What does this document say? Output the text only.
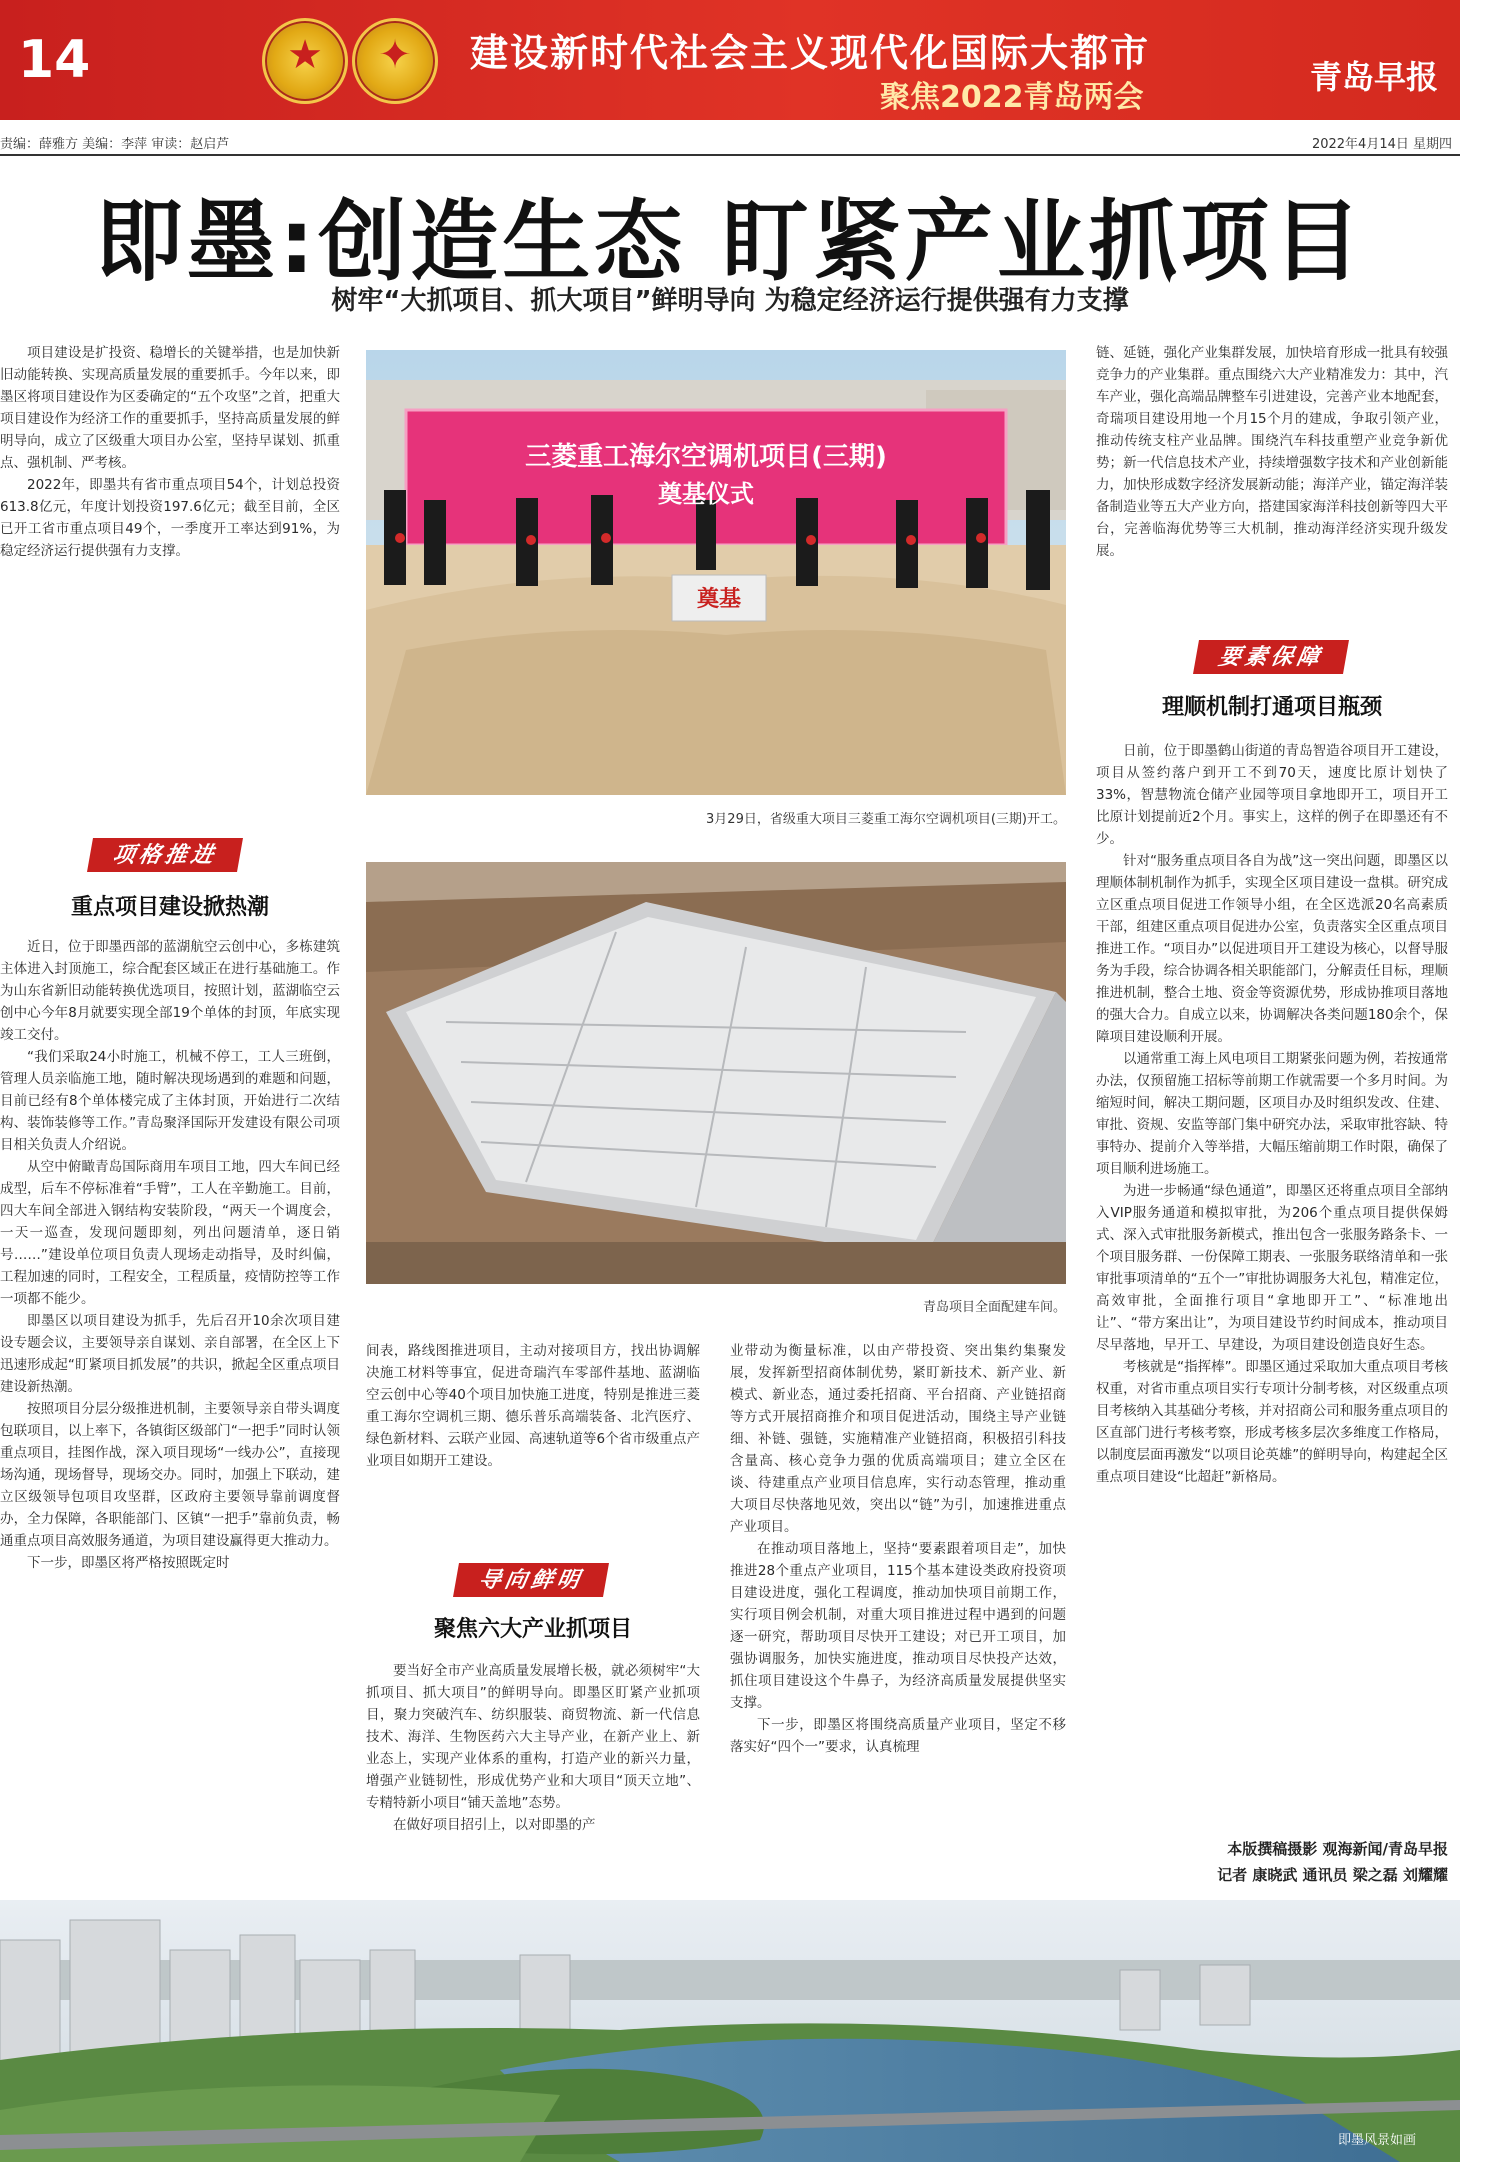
14	★	✦	建设新时代社会主义现代化国际大都市
聚焦2022青岛两会
青岛早报
责编：薛雅方 美编：李萍 审读：赵启芦	2022年4月14日 星期四
即墨:创造生态 盯紧产业抓项目
树牢“大抓项目、抓大项目”鲜明导向 为稳定经济运行提供强有力支撑

项目建设是扩投资、稳增长的关键举措，也是加快新旧动能转换、实现高质量发展的重要抓手。今年以来，即墨区将项目建设作为区委确定的“五个攻坚”之首，把重大项目建设作为经济工作的重要抓手，坚持高质量发展的鲜明导向，成立了区级重大项目办公室，坚持早谋划、抓重点、强机制、严考核。

2022年，即墨共有省市重点项目54个，计划总投资613.8亿元，年度计划投资197.6亿元；截至目前，全区已开工省市重点项目49个，一季度开工率达到91%，为稳定经济运行提供强有力支撑。

项格推进
重点项目建设掀热潮

近日，位于即墨西部的蓝湖航空云创中心，多栋建筑主体进入封顶施工，综合配套区域正在进行基础施工。作为山东省新旧动能转换优选项目，按照计划，蓝湖临空云创中心今年8月就要实现全部19个单体的封顶，年底实现竣工交付。

“我们采取24小时施工，机械不停工，工人三班倒，管理人员亲临施工地，随时解决现场遇到的难题和问题，目前已经有8个单体楼完成了主体封顶，开始进行二次结构、装饰装修等工作。”青岛聚泽国际开发建设有限公司项目相关负责人介绍说。

从空中俯瞰青岛国际商用车项目工地，四大车间已经成型，后车不停标准着“手臂”，工人在辛勤施工。目前，四大车间全部进入钢结构安装阶段，“两天一个调度会，一天一巡查，发现问题即刻，列出问题清单，逐日销号……”建设单位项目负责人现场走动指导，及时纠偏，工程加速的同时，工程安全，工程质量，疫情防控等工作一项都不能少。

即墨区以项目建设为抓手，先后召开10余次项目建设专题会议，主要领导亲自谋划、亲自部署，在全区上下迅速形成起“盯紧项目抓发展”的共识，掀起全区重点项目建设新热潮。

按照项目分层分级推进机制，主要领导亲自带头调度包联项目，以上率下，各镇街区级部门“一把手”同时认领重点项目，挂图作战，深入项目现场“一线办公”，直接现场沟通，现场督导，现场交办。同时，加强上下联动，建立区级领导包项目攻坚群，区政府主要领导靠前调度督办，全力保障，各职能部门、区镇“一把手”靠前负责，畅通重点项目高效服务通道，为项目建设赢得更大推动力。

下一步，即墨区将严格按照既定时

三菱重工海尔空调机项目(三期)
奠基仪式
奠基
3月29日，省级重大项目三菱重工海尔空调机项目(三期)开工。
青岛项目全面配建车间。

间表，路线图推进项目，主动对接项目方，找出协调解决施工材料等事宜，促进奇瑞汽车零部件基地、蓝湖临空云创中心等40个项目加快施工进度，特别是推进三菱重工海尔空调机三期、德乐普乐高端装备、北汽医疗、绿色新材料、云联产业园、高速轨道等6个省市级重点产业项目如期开工建设。

导向鲜明
聚焦六大产业抓项目

要当好全市产业高质量发展增长极，就必须树牢“大抓项目、抓大项目”的鲜明导向。即墨区盯紧产业抓项目，聚力突破汽车、纺织服装、商贸物流、新一代信息技术、海洋、生物医药六大主导产业，在新产业上、新业态上，实现产业体系的重构，打造产业的新兴力量，增强产业链韧性，形成优势产业和大项目“顶天立地”、专精特新小项目“铺天盖地”态势。

在做好项目招引上，以对即墨的产

业带动为衡量标准，以由产带投资、突出集约集聚发展，发挥新型招商体制优势，紧盯新技术、新产业、新模式、新业态，通过委托招商、平台招商、产业链招商等方式开展招商推介和项目促进活动，围绕主导产业链细、补链、强链，实施精准产业链招商，积极招引科技含量高、核心竞争力强的优质高端项目；建立全区在谈、待建重点产业项目信息库，实行动态管理，推动重大项目尽快落地见效，突出以“链”为引，加速推进重点产业项目。

在推动项目落地上，坚持“要素跟着项目走”，加快推进28个重点产业项目，115个基本建设类政府投资项目建设进度，强化工程调度，推动加快项目前期工作，实行项目例会机制，对重大项目推进过程中遇到的问题逐一研究，帮助项目尽快开工建设；对已开工项目，加强协调服务，加快实施进度，推动项目尽快投产达效，抓住项目建设这个牛鼻子，为经济高质量发展提供坚实支撑。

下一步，即墨区将围绕高质量产业项目，坚定不移落实好“四个一”要求，认真梳理

链、延链，强化产业集群发展，加快培育形成一批具有较强竞争力的产业集群。重点围绕六大产业精准发力：其中，汽车产业，强化高端品牌整车引进建设，完善产业本地配套，奇瑞项目建设用地一个月15个月的建成，争取引领产业，推动传统支柱产业品牌。围绕汽车科技重塑产业竞争新优势；新一代信息技术产业，持续增强数字技术和产业创新能力，加快形成数字经济发展新动能；海洋产业，锚定海洋装备制造业等五大产业方向，搭建国家海洋科技创新等四大平台，完善临海优势等三大机制，推动海洋经济实现升级发展。

要素保障
理顺机制打通项目瓶颈

日前，位于即墨鹤山街道的青岛智造谷项目开工建设，项目从签约落户到开工不到70天，速度比原计划快了33%，智慧物流仓储产业园等项目拿地即开工，项目开工比原计划提前近2个月。事实上，这样的例子在即墨还有不少。

针对“服务重点项目各自为战”这一突出问题，即墨区以理顺体制机制作为抓手，实现全区项目建设一盘棋。研究成立区重点项目促进工作领导小组，在全区选派20名高素质干部，组建区重点项目促进办公室，负责落实全区重点项目推进工作。“项目办”以促进项目开工建设为核心，以督导服务为手段，综合协调各相关职能部门，分解责任目标，理顺推进机制，整合土地、资金等资源优势，形成协推项目落地的强大合力。自成立以来，协调解决各类问题180余个，保障项目建设顺利开展。

以通常重工海上风电项目工期紧张问题为例，若按通常办法，仅预留施工招标等前期工作就需要一个多月时间。为缩短时间，解决工期问题，区项目办及时组织发改、住建、审批、资规、安监等部门集中研究办法，采取审批容缺、特事特办、提前介入等举措，大幅压缩前期工作时限，确保了项目顺利进场施工。

为进一步畅通“绿色通道”，即墨区还将重点项目全部纳入VIP服务通道和模拟审批，为206个重点项目提供保姆式、深入式审批服务新模式，推出包含一张服务路条卡、一个项目服务群、一份保障工期表、一张服务联络清单和一张审批事项清单的“五个一”审批协调服务大礼包，精准定位，高效审批，全面推行项目“拿地即开工”、“标准地出让”、“带方案出让”，为项目建设节约时间成本，推动项目尽早落地，早开工、早建设，为项目建设创造良好生态。

考核就是“指挥棒”。即墨区通过采取加大重点项目考核权重，对省市重点项目实行专项计分制考核，对区级重点项目考核纳入其基础分考核，并对招商公司和服务重点项目的区直部门进行考核考察，形成考核多层次多维度工作格局，以制度层面再激发“以项目论英雄”的鲜明导向，构建起全区重点项目建设“比超赶”新格局。

本版撰稿摄影 观海新闻/青岛早报
记者 康晓武 通讯员 梁之磊 刘耀耀
即墨风景如画
